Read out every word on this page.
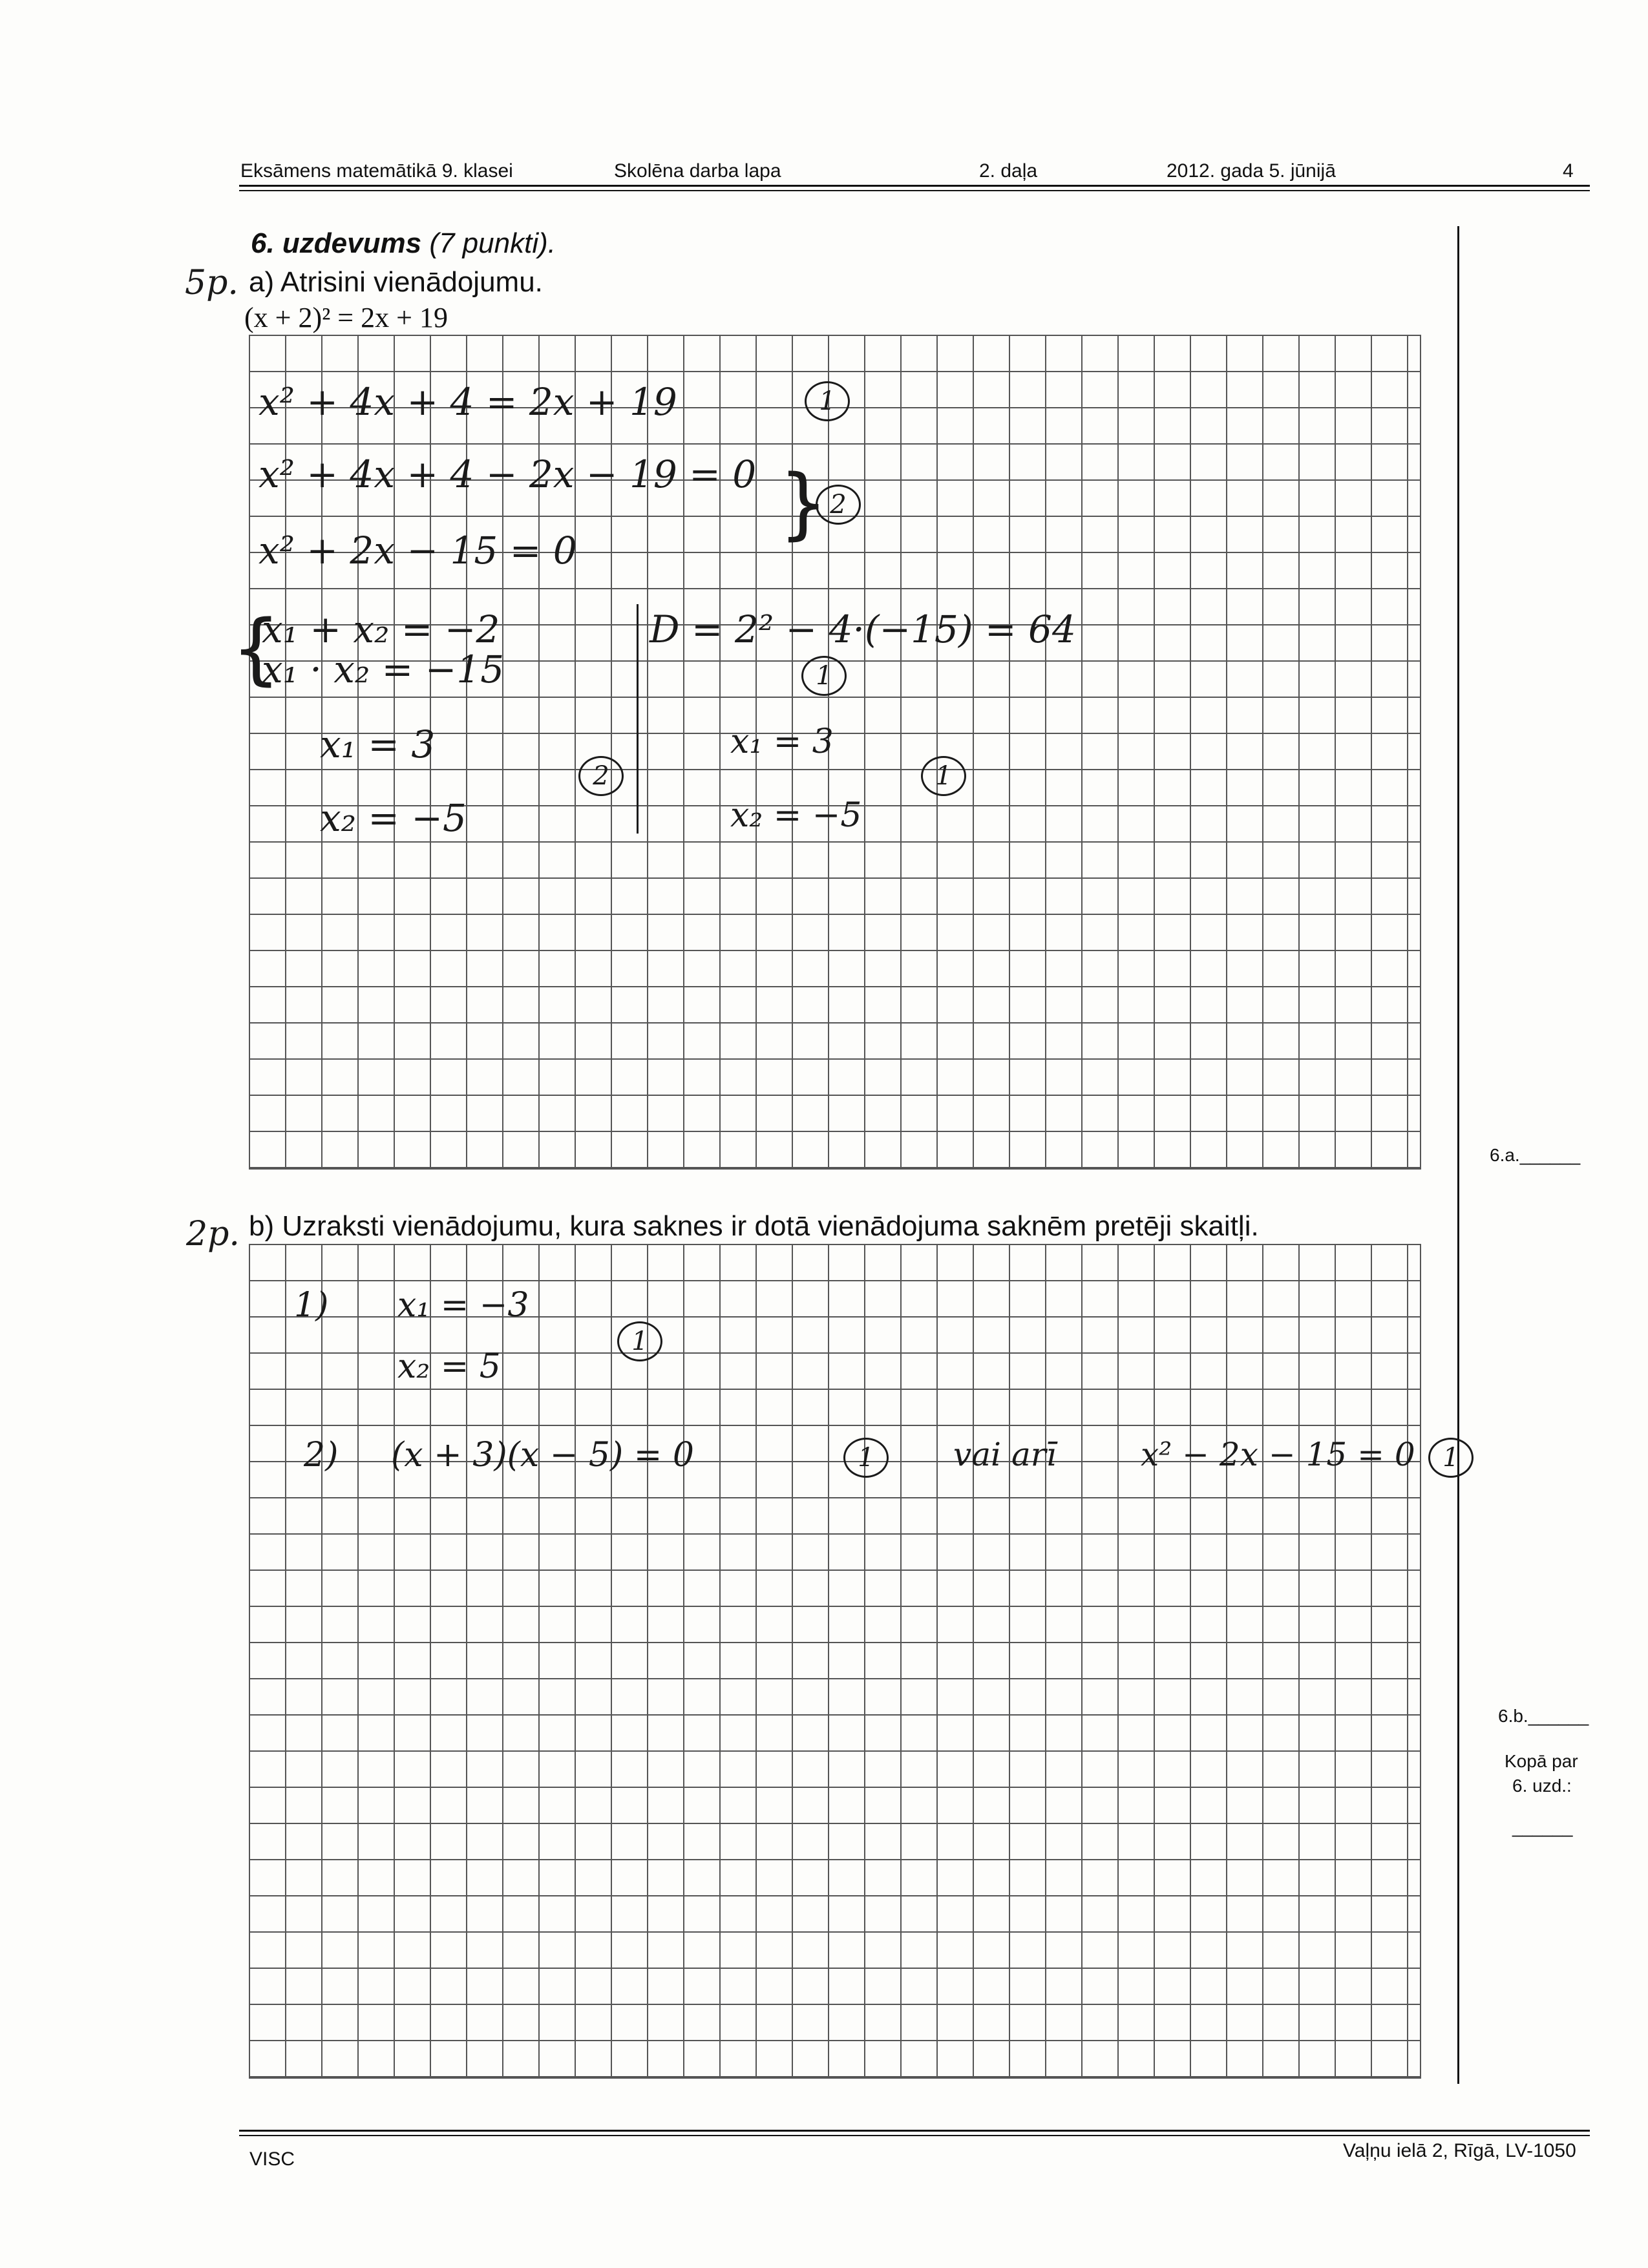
Eksāmens matemātikā 9. klasei	Skolēna darba lapa	2. daļa	2012. gada 5. jūnijā	4
6. uzdevums (7 punkti).
5p. a) Atrisini vienādojumu.
(x + 2)² = 2x + 19
x² + 4x + 4 = 2x + 19	1
x² + 4x + 4 − 2x − 19 = 0
x² + 2x − 15 = 0
} 2
{
x₁ + x₂ = −2
x₁ · x₂ = −15
x₁ = 3
x₂ = −5
2
D = 2² − 4·(−15) = 64
1
x₁ = 3
x₂ = −5
1
6.a.______
2p. b) Uzraksti vienādojumu, kura saknes ir dotā vienādojuma saknēm pretēji skaitļi.
1) x₁ = −3
x₂ = 5
1
2) (x + 3)(x − 5) = 0	1	vai arī	x² − 2x − 15 = 0	1
6.b.______
Kopā par
6. uzd.:
______
VISC	Vaļņu ielā 2, Rīgā, LV-1050
